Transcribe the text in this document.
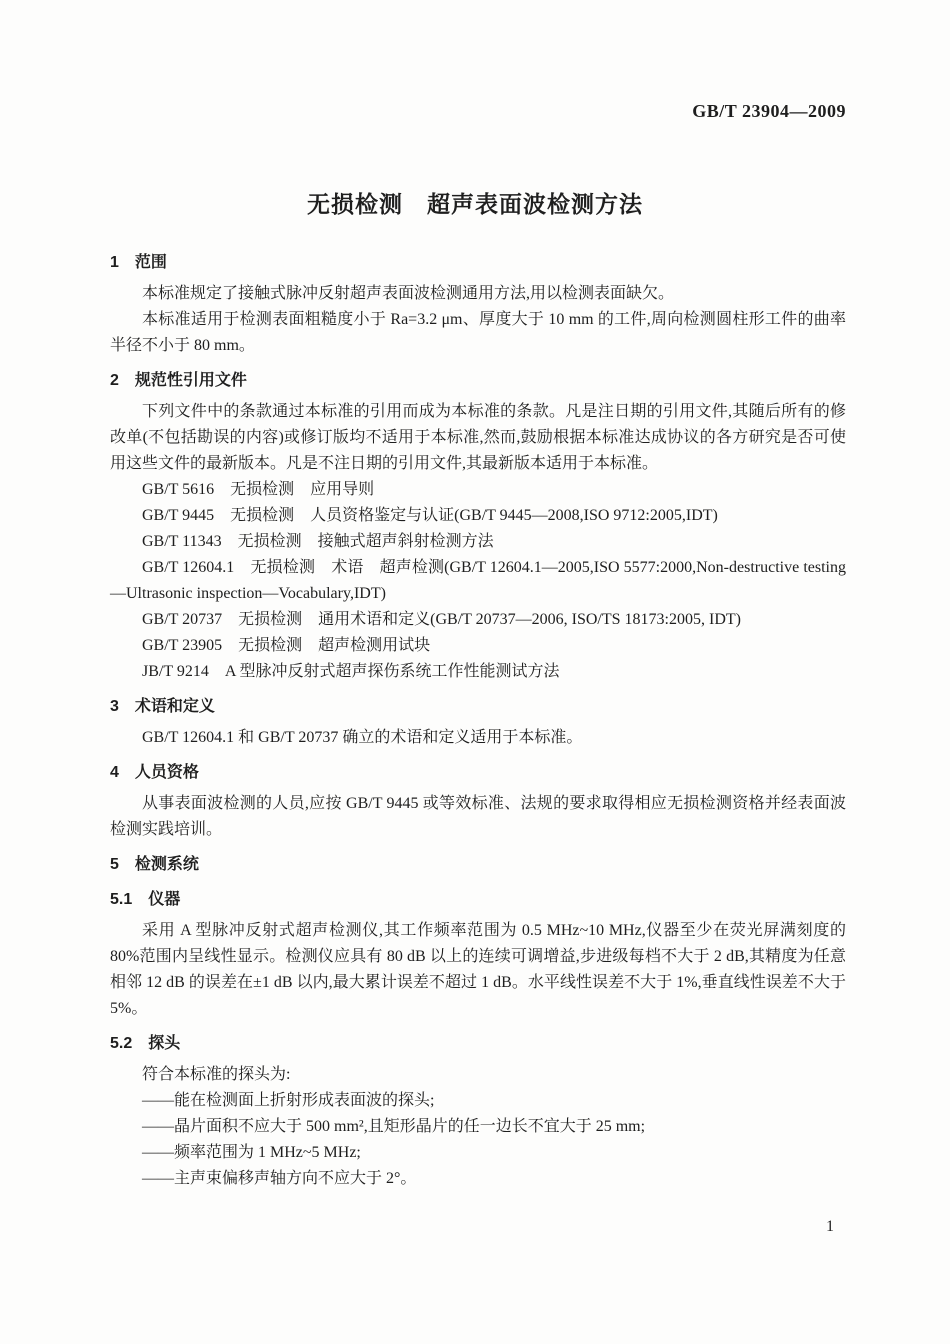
GB/T 23904—2009
无损检测　超声表面波检测方法
1　范围

本标准规定了接触式脉冲反射超声表面波检测通用方法,用以检测表面缺欠。

本标准适用于检测表面粗糙度小于 Ra=3.2 μm、厚度大于 10 mm 的工件,周向检测圆柱形工件的曲率半径不小于 80 mm。

2　规范性引用文件

下列文件中的条款通过本标准的引用而成为本标准的条款。凡是注日期的引用文件,其随后所有的修改单(不包括勘误的内容)或修订版均不适用于本标准,然而,鼓励根据本标准达成协议的各方研究是否可使用这些文件的最新版本。凡是不注日期的引用文件,其最新版本适用于本标准。

GB/T 5616　无损检测　应用导则

GB/T 9445　无损检测　人员资格鉴定与认证(GB/T 9445—2008,ISO 9712:2005,IDT)

GB/T 11343　无损检测　接触式超声斜射检测方法

GB/T 12604.1　无损检测　术语　超声检测(GB/T 12604.1—2005,ISO 5577:2000,Non-destructive testing—Ultrasonic inspection—Vocabulary,IDT)

GB/T 20737　无损检测　通用术语和定义(GB/T 20737—2006, ISO/TS 18173:2005, IDT)

GB/T 23905　无损检测　超声检测用试块

JB/T 9214　A 型脉冲反射式超声探伤系统工作性能测试方法

3　术语和定义

GB/T 12604.1 和 GB/T 20737 确立的术语和定义适用于本标准。

4　人员资格

从事表面波检测的人员,应按 GB/T 9445 或等效标准、法规的要求取得相应无损检测资格并经表面波检测实践培训。

5　检测系统
5.1　仪器

采用 A 型脉冲反射式超声检测仪,其工作频率范围为 0.5 MHz~10 MHz,仪器至少在荧光屏满刻度的 80%范围内呈线性显示。检测仪应具有 80 dB 以上的连续可调增益,步进级每档不大于 2 dB,其精度为任意相邻 12 dB 的误差在±1 dB 以内,最大累计误差不超过 1 dB。水平线性误差不大于 1%,垂直线性误差不大于 5%。

5.2　探头

符合本标准的探头为:

——能在检测面上折射形成表面波的探头;

——晶片面积不应大于 500 mm²,且矩形晶片的任一边长不宜大于 25 mm;

——频率范围为 1 MHz~5 MHz;

——主声束偏移声轴方向不应大于 2°。

1
